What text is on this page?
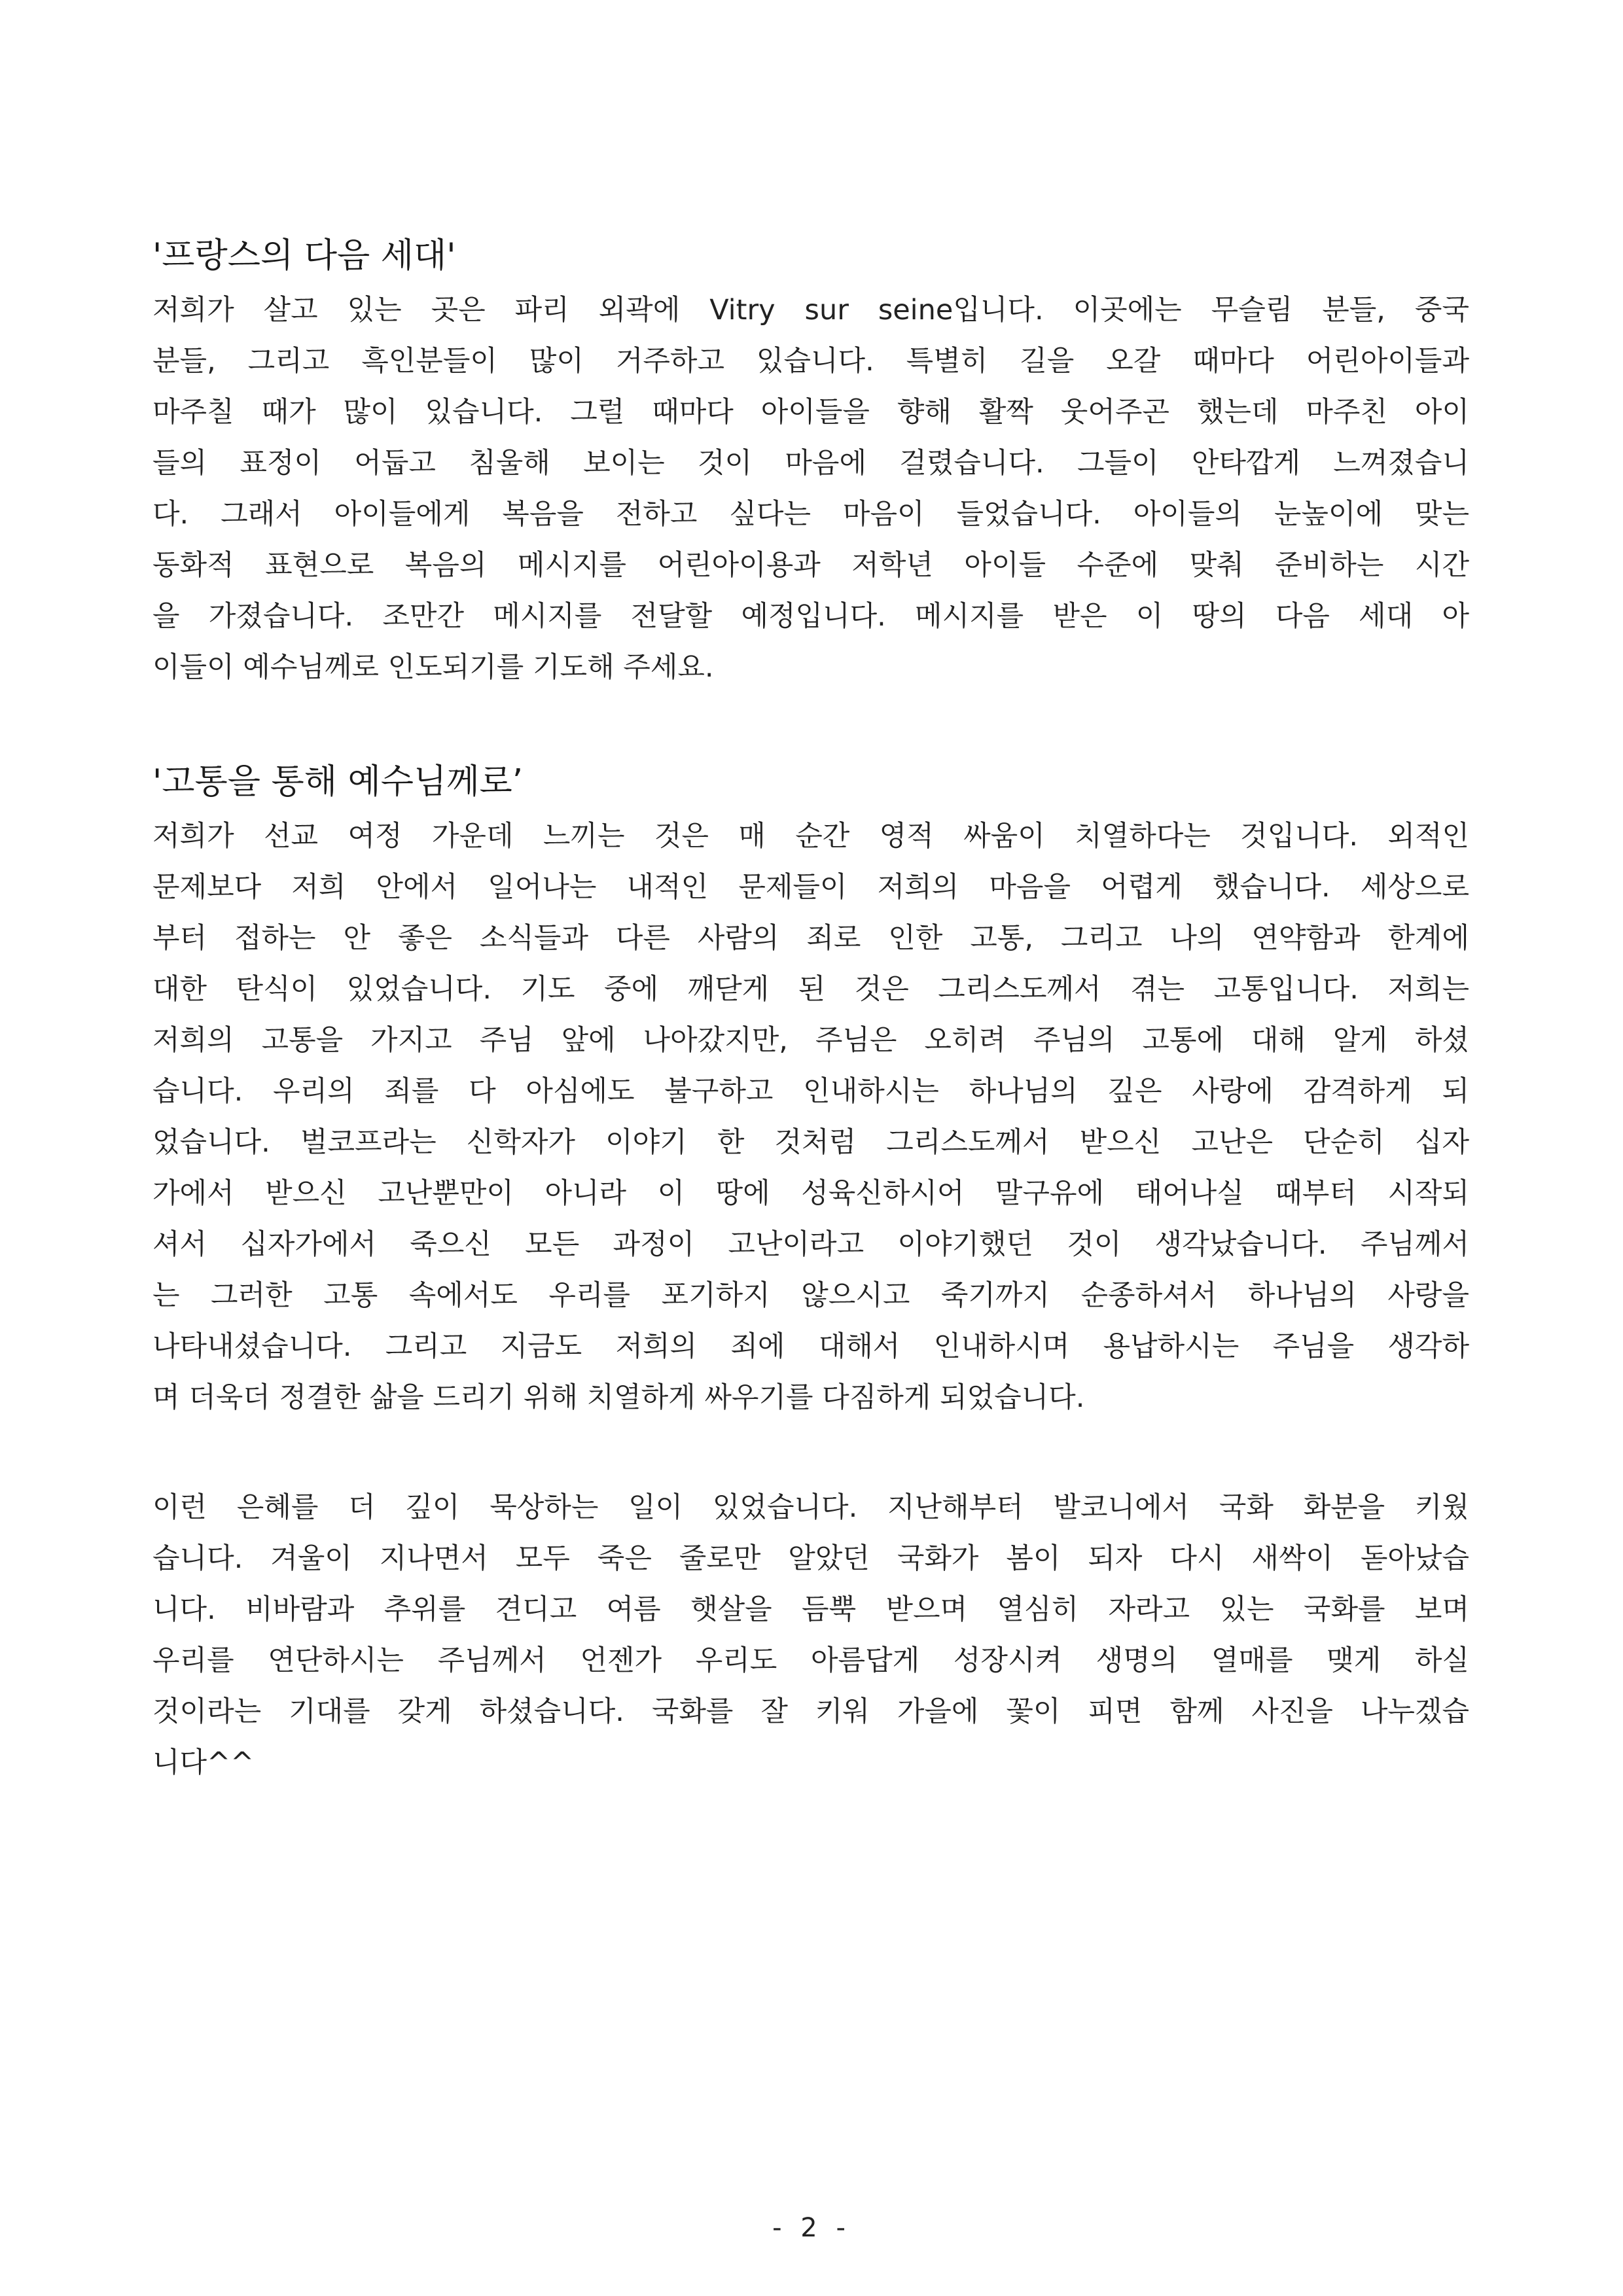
'프랑스의 다음 세대'
저희가 살고 있는 곳은 파리 외곽에 Vitry sur seine입니다. 이곳에는 무슬림 분들, 중국
분들, 그리고 흑인분들이 많이 거주하고 있습니다. 특별히 길을 오갈 때마다 어린아이들과
마주칠 때가 많이 있습니다. 그럴 때마다 아이들을 향해 활짝 웃어주곤 했는데 마주친 아이
들의 표정이 어둡고 침울해 보이는 것이 마음에 걸렸습니다. 그들이 안타깝게 느껴졌습니
다. 그래서 아이들에게 복음을 전하고 싶다는 마음이 들었습니다. 아이들의 눈높이에 맞는
동화적 표현으로 복음의 메시지를 어린아이용과 저학년 아이들 수준에 맞춰 준비하는 시간
을 가졌습니다. 조만간 메시지를 전달할 예정입니다. 메시지를 받은 이 땅의 다음 세대 아
이들이 예수님께로 인도되기를 기도해 주세요.
'고통을 통해 예수님께로’
저희가 선교 여정 가운데 느끼는 것은 매 순간 영적 싸움이 치열하다는 것입니다. 외적인
문제보다 저희 안에서 일어나는 내적인 문제들이 저희의 마음을 어렵게 했습니다. 세상으로
부터 접하는 안 좋은 소식들과 다른 사람의 죄로 인한 고통, 그리고 나의 연약함과 한계에
대한 탄식이 있었습니다. 기도 중에 깨닫게 된 것은 그리스도께서 겪는 고통입니다. 저희는
저희의 고통을 가지고 주님 앞에 나아갔지만, 주님은 오히려 주님의 고통에 대해 알게 하셨
습니다. 우리의 죄를 다 아심에도 불구하고 인내하시는 하나님의 깊은 사랑에 감격하게 되
었습니다. 벌코프라는 신학자가 이야기 한 것처럼 그리스도께서 받으신 고난은 단순히 십자
가에서 받으신 고난뿐만이 아니라 이 땅에 성육신하시어 말구유에 태어나실 때부터 시작되
셔서 십자가에서 죽으신 모든 과정이 고난이라고 이야기했던 것이 생각났습니다. 주님께서
는 그러한 고통 속에서도 우리를 포기하지 않으시고 죽기까지 순종하셔서 하나님의 사랑을
나타내셨습니다. 그리고 지금도 저희의 죄에 대해서 인내하시며 용납하시는 주님을 생각하
며 더욱더 정결한 삶을 드리기 위해 치열하게 싸우기를 다짐하게 되었습니다.
이런 은혜를 더 깊이 묵상하는 일이 있었습니다. 지난해부터 발코니에서 국화 화분을 키웠
습니다. 겨울이 지나면서 모두 죽은 줄로만 알았던 국화가 봄이 되자 다시 새싹이 돋아났습
니다. 비바람과 추위를 견디고 여름 햇살을 듬뿍 받으며 열심히 자라고 있는 국화를 보며
우리를 연단하시는 주님께서 언젠가 우리도 아름답게 성장시켜 생명의 열매를 맺게 하실
것이라는 기대를 갖게 하셨습니다. 국화를 잘 키워 가을에 꽃이 피면 함께 사진을 나누겠습
니다^^
- 2 -
